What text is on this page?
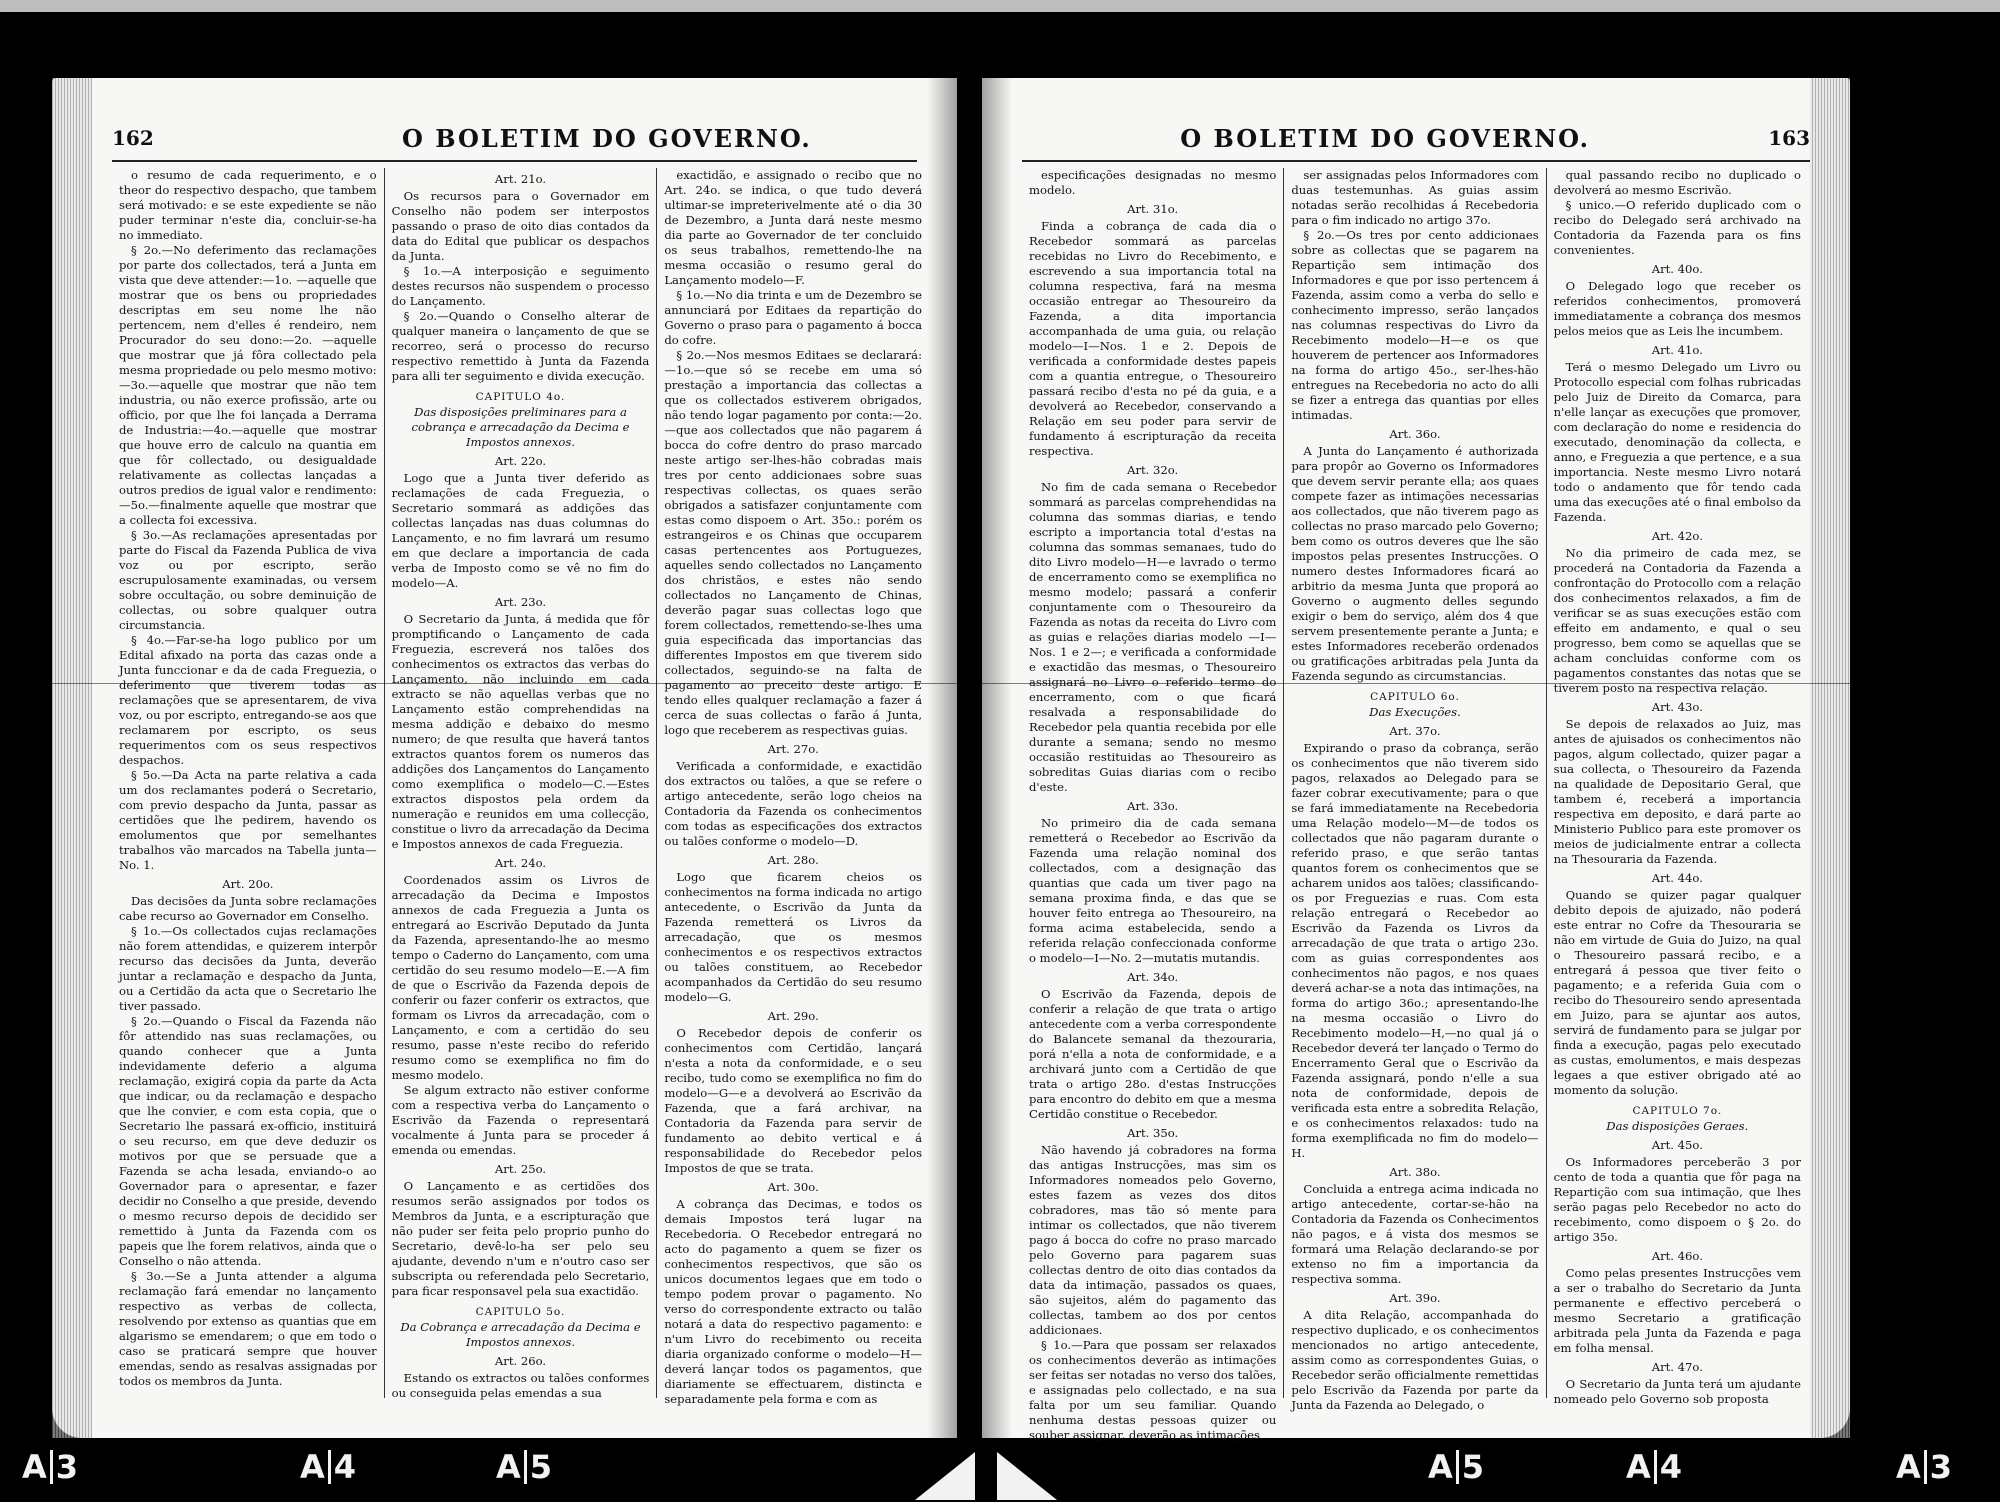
162	O BOLETIM DO GOVERNO.

o resumo de cada requerimento, e o theor do respectivo despacho, que tambem será motivado: e se este expediente se não puder terminar n'este dia, concluir-se-ha no immediato.

§ 2o.—No deferimento das reclamações por parte dos collectados, terá a Junta em vista que deve attender:—1o. —aquelle que mostrar que os bens ou propriedades descriptas em seu nome lhe não pertencem, nem d'elles é rendeiro, nem Procurador do seu dono:—2o. —aquelle que mostrar que já fôra collectado pela mesma propriedade ou pelo mesmo motivo:—3o.—aquelle que mostrar que não tem industria, ou não exerce profissão, arte ou officio, por que lhe foi lançada a Derrama de Industria:—4o.—aquelle que mostrar que houve erro de calculo na quantia em que fôr collectado, ou desigualdade relativamente as collectas lançadas a outros predios de igual valor e rendimento:—5o.—finalmente aquelle que mostrar que a collecta foi excessiva.

§ 3o.—As reclamações apresentadas por parte do Fiscal da Fazenda Publica de viva voz ou por escripto, serão escrupulosamente examinadas, ou versem sobre occultação, ou sobre deminuição de collectas, ou sobre qualquer outra circumstancia.

§ 4o.—Far-se-ha logo publico por um Edital afixado na porta das cazas onde a Junta funccionar e da de cada Freguezia, o deferimento que tiverem todas as reclamações que se apresentarem, de viva voz, ou por escripto, entregando-se aos que reclamarem por escripto, os seus requerimentos com os seus respectivos despachos.

§ 5o.—Da Acta na parte relativa a cada um dos reclamantes poderá o Secretario, com previo despacho da Junta, passar as certidões que lhe pedirem, havendo os emolumentos que por semelhantes trabalhos vão marcados na Tabella junta—No. 1.

Art. 20o.

Das decisões da Junta sobre reclamações cabe recurso ao Governador em Conselho.

§ 1o.—Os collectados cujas reclamações não forem attendidas, e quizerem interpôr recurso das decisões da Junta, deverão juntar a reclamação e despacho da Junta, ou a Certidão da acta que o Secretario lhe tiver passado.

§ 2o.—Quando o Fiscal da Fazenda não fôr attendido nas suas reclamações, ou quando conhecer que a Junta indevidamente deferio a alguma reclamação, exigirá copia da parte da Acta que indicar, ou da reclamação e despacho que lhe convier, e com esta copia, que o Secretario lhe passará ex-officio, instituirá o seu recurso, em que deve deduzir os motivos por que se persuade que a Fazenda se acha lesada, enviando-o ao Governador para o apresentar, e fazer decidir no Conselho a que preside, devendo o mesmo recurso depois de decidido ser remettido à Junta da Fazenda com os papeis que lhe forem relativos, ainda que o Conselho o não attenda.

§ 3o.—Se a Junta attender a alguma reclamação fará emendar no lançamento respectivo as verbas de collecta, resolvendo por extenso as quantias que em algarismo se emendarem; o que em todo o caso se praticará sempre que houver emendas, sendo as resalvas assignadas por todos os membros da Junta.

Art. 21o.

Os recursos para o Governador em Conselho não podem ser interpostos passando o praso de oito dias contados da data do Edital que publicar os despachos da Junta.

§ 1o.—A interposição e seguimento destes recursos não suspendem o processo do Lançamento.

§ 2o.—Quando o Conselho alterar de qualquer maneira o lançamento de que se recorreo, será o processo do recurso respectivo remettido à Junta da Fazenda para alli ter seguimento e divida execução.

CAPITULO 4o.

Das disposições preliminares para a cobrança e arrecadação da Decima e Impostos annexos.

Art. 22o.

Logo que a Junta tiver deferido as reclamações de cada Freguezia, o Secretario sommará as addições das collectas lançadas nas duas columnas do Lançamento, e no fim lavrará um resumo em que declare a importancia de cada verba de Imposto como se vê no fim do modelo—A.

Art. 23o.

O Secretario da Junta, á medida que fôr promptificando o Lançamento de cada Freguezia, escreverá nos talões dos conhecimentos os extractos das verbas do Lançamento, não incluindo em cada extracto se não aquellas verbas que no Lançamento estão comprehendidas na mesma addição e debaixo do mesmo numero; de que resulta que haverá tantos extractos quantos forem os numeros das addições dos Lançamentos do Lançamento como exemplifica o modelo—C.—Estes extractos dispostos pela ordem da numeração e reunidos em uma collecção, constitue o livro da arrecadação da Decima e Impostos annexos de cada Freguezia.

Art. 24o.

Coordenados assim os Livros de arrecadação da Decima e Impostos annexos de cada Freguezia a Junta os entregará ao Escrivão Deputado da Junta da Fazenda, apresentando-lhe ao mesmo tempo o Caderno do Lançamento, com uma certidão do seu resumo modelo—E.—A fim de que o Escrivão da Fazenda depois de conferir ou fazer conferir os extractos, que formam os Livros da arrecadação, com o Lançamento, e com a certidão do seu resumo, passe n'este recibo do referido resumo como se exemplifica no fim do mesmo modelo.

Se algum extracto não estiver conforme com a respectiva verba do Lançamento o Escrivão da Fazenda o representará vocalmente á Junta para se proceder á emenda ou emendas.

Art. 25o.

O Lançamento e as certidões dos resumos serão assignados por todos os Membros da Junta, e a escripturação que não puder ser feita pelo proprio punho do Secretario, devê-lo-ha ser pelo seu ajudante, devendo n'um e n'outro caso ser subscripta ou referendada pelo Secretario, para ficar responsavel pela sua exactidão.

CAPITULO 5o.

Da Cobrança e arrecadação da Decima e Impostos annexos.

Art. 26o.

Estando os extractos ou talões conformes ou conseguida pelas emendas a sua

exactidão, e assignado o recibo que no Art. 24o. se indica, o que tudo deverá ultimar-se impreterivelmente até o dia 30 de Dezembro, a Junta dará neste mesmo dia parte ao Governador de ter concluido os seus trabalhos, remettendo-lhe na mesma occasião o resumo geral do Lançamento modelo—F.

§ 1o.—No dia trinta e um de Dezembro se annunciará por Editaes da repartição do Governo o praso para o pagamento á bocca do cofre.

§ 2o.—Nos mesmos Editaes se declarará:—1o.—que só se recebe em uma só prestação a importancia das collectas a que os collectados estiverem obrigados, não tendo logar pagamento por conta:—2o.—que aos collectados que não pagarem á bocca do cofre dentro do praso marcado neste artigo ser-lhes-hão cobradas mais tres por cento addicionaes sobre suas respectivas collectas, os quaes serão obrigados a satisfazer conjuntamente com estas como dispoem o Art. 35o.: porém os estrangeiros e os Chinas que occuparem casas pertencentes aos Portuguezes, aquelles sendo collectados no Lançamento dos christãos, e estes não sendo collectados no Lançamento de Chinas, deverão pagar suas collectas logo que forem collectados, remettendo-se-lhes uma guia especificada das importancias das differentes Impostos em que tiverem sido collectados, seguindo-se na falta de pagamento ao preceito deste artigo. E tendo elles qualquer reclamação a fazer á cerca de suas collectas o farão á Junta, logo que receberem as respectivas guias.

Art. 27o.

Verificada a conformidade, e exactidão dos extractos ou talões, a que se refere o artigo antecedente, serão logo cheios na Contadoria da Fazenda os conhecimentos com todas as especificações dos extractos ou talões conforme o modelo—D.

Art. 28o.

Logo que ficarem cheios os conhecimentos na forma indicada no artigo antecedente, o Escrivão da Junta da Fazenda remetterá os Livros da arrecadação, que os mesmos conhecimentos e os respectivos extractos ou talões constituem, ao Recebedor acompanhados da Certidão do seu resumo modelo—G.

Art. 29o.

O Recebedor depois de conferir os conhecimentos com Certidão, lançará n'esta a nota da conformidade, e o seu recibo, tudo como se exemplifica no fim do modelo—G—e a devolverá ao Escrivão da Fazenda, que a fará archivar, na Contadoria da Fazenda para servir de fundamento ao debito vertical e á responsabilidade do Recebedor pelos Impostos de que se trata.

Art. 30o.

A cobrança das Decimas, e todos os demais Impostos terá lugar na Recebedoria. O Recebedor entregará no acto do pagamento a quem se fizer os conhecimentos respectivos, que são os unicos documentos legaes que em todo o tempo podem provar o pagamento. No verso do correspondente extracto ou talão notará a data do respectivo pagamento: e n'um Livro do recebimento ou receita diaria organizado conforme o modelo—H—deverá lançar todos os pagamentos, que diariamente se effectuarem, distincta e separadamente pela forma e com as

O BOLETIM DO GOVERNO.	163

especificações designadas no mesmo modelo.

Art. 31o.

Finda a cobrança de cada dia o Recebedor sommará as parcelas recebidas no Livro do Recebimento, e escrevendo a sua importancia total na columna respectiva, fará na mesma occasião entregar ao Thesoureiro da Fazenda, a dita importancia accompanhada de uma guia, ou relação modelo—I—Nos. 1 e 2. Depois de verificada a conformidade destes papeis com a quantia entregue, o Thesoureiro passará recibo d'esta no pé da guia, e a devolverá ao Recebedor, conservando a Relação em seu poder para servir de fundamento á escripturação da receita respectiva.

Art. 32o.

No fim de cada semana o Recebedor sommará as parcelas comprehendidas na columna das sommas diarias, e tendo escripto a importancia total d'estas na columna das sommas semanaes, tudo do dito Livro modelo—H—e lavrado o termo de encerramento como se exemplifica no mesmo modelo; passará a conferir conjuntamente com o Thesoureiro da Fazenda as notas da receita do Livro com as guias e relações diarias modelo —I—Nos. 1 e 2—; e verificada a conformidade e exactidão das mesmas, o Thesoureiro assignará no Livro o referido termo do encerramento, com o que ficará resalvada a responsabilidade do Recebedor pela quantia recebida por elle durante a semana; sendo no mesmo occasião restituidas ao Thesoureiro as sobreditas Guias diarias com o recibo d'este.

Art. 33o.

No primeiro dia de cada semana remetterá o Recebedor ao Escrivão da Fazenda uma relação nominal dos collectados, com a designação das quantias que cada um tiver pago na semana proxima finda, e das que se houver feito entrega ao Thesoureiro, na forma acima estabelecida, sendo a referida relação confeccionada conforme o modelo—I—No. 2—mutatis mutandis.

Art. 34o.

O Escrivão da Fazenda, depois de conferir a relação de que trata o artigo antecedente com a verba correspondente do Balancete semanal da thezouraria, porá n'ella a nota de conformidade, e a archivará junto com a Certidão de que trata o artigo 28o. d'estas Instrucções para encontro do debito em que a mesma Certidão constitue o Recebedor.

Art. 35o.

Não havendo já cobradores na forma das antigas Instrucções, mas sim os Informadores nomeados pelo Governo, estes fazem as vezes dos ditos cobradores, mas tão só mente para intimar os collectados, que não tiverem pago á bocca do cofre no praso marcado pelo Governo para pagarem suas collectas dentro de oito dias contados da data da intimação, passados os quaes, são sujeitos, além do pagamento das collectas, tambem ao dos por centos addicionaes.

§ 1o.—Para que possam ser relaxados os conhecimentos deverão as intimações ser feitas ser notadas no verso dos talões, e assignadas pelo collectado, e na sua falta por um seu familiar. Quando nenhuma destas pessoas quizer ou souber assignar, deverão as intimações

ser assignadas pelos Informadores com duas testemunhas. As guias assim notadas serão recolhidas á Recebedoria para o fim indicado no artigo 37o.

§ 2o.—Os tres por cento addicionaes sobre as collectas que se pagarem na Repartição sem intimação dos Informadores e que por isso pertencem á Fazenda, assim como a verba do sello e conhecimento impresso, serão lançados nas columnas respectivas do Livro da Recebimento modelo—H—e os que houverem de pertencer aos Informadores na forma do artigo 45o., ser-lhes-hão entregues na Recebedoria no acto do alli se fizer a entrega das quantias por elles intimadas.

Art. 36o.

A Junta do Lançamento é authorizada para propôr ao Governo os Informadores que devem servir perante ella; aos quaes compete fazer as intimações necessarias aos collectados, que não tiverem pago as collectas no praso marcado pelo Governo; bem como os outros deveres que lhe são impostos pelas presentes Instrucções. O numero destes Informadores ficará ao arbitrio da mesma Junta que proporá ao Governo o augmento delles segundo exigir o bem do serviço, além dos 4 que servem presentemente perante a Junta; e estes Informadores receberão ordenados ou gratificações arbitradas pela Junta da Fazenda segundo as circumstancias.

CAPITULO 6o.

Das Execuções.

Art. 37o.

Expirando o praso da cobrança, serão os conhecimentos que não tiverem sido pagos, relaxados ao Delegado para se fazer cobrar executivamente; para o que se fará immediatamente na Recebedoria uma Relação modelo—M—de todos os collectados que não pagaram durante o referido praso, e que serão tantas quantos forem os conhecimentos que se acharem unidos aos talões; classificando-os por Freguezias e ruas. Com esta relação entregará o Recebedor ao Escrivão da Fazenda os Livros da arrecadação de que trata o artigo 23o. com as guias correspondentes aos conhecimentos não pagos, e nos quaes deverá achar-se a nota das intimações, na forma do artigo 36o.; apresentando-lhe na mesma occasião o Livro do Recebimento modelo—H,—no qual já o Recebedor deverá ter lançado o Termo do Encerramento Geral que o Escrivão da Fazenda assignará, pondo n'elle a sua nota de conformidade, depois de verificada esta entre a sobredita Relação, e os conhecimentos relaxados: tudo na forma exemplificada no fim do modelo—H.

Art. 38o.

Concluida a entrega acima indicada no artigo antecedente, cortar-se-hão na Contadoria da Fazenda os Conhecimentos não pagos, e á vista dos mesmos se formará uma Relação declarando-se por extenso no fim a importancia da respectiva somma.

Art. 39o.

A dita Relação, accompanhada do respectivo duplicado, e os conhecimentos mencionados no artigo antecedente, assim como as correspondentes Guias, o Recebedor serão officialmente remettidas pelo Escrivão da Fazenda por parte da Junta da Fazenda ao Delegado, o

qual passando recibo no duplicado o devolverá ao mesmo Escrivão.

§ unico.—O referido duplicado com o recibo do Delegado será archivado na Contadoria da Fazenda para os fins convenientes.

Art. 40o.

O Delegado logo que receber os referidos conhecimentos, promoverá immediatamente a cobrança dos mesmos pelos meios que as Leis lhe incumbem.

Art. 41o.

Terá o mesmo Delegado um Livro ou Protocollo especial com folhas rubricadas pelo Juiz de Direito da Comarca, para n'elle lançar as execuções que promover, com declaração do nome e residencia do executado, denominação da collecta, e anno, e Freguezia a que pertence, e a sua importancia. Neste mesmo Livro notará todo o andamento que fôr tendo cada uma das execuções até o final embolso da Fazenda.

Art. 42o.

No dia primeiro de cada mez, se procederá na Contadoria da Fazenda a confrontação do Protocollo com a relação dos conhecimentos relaxados, a fim de verificar se as suas execuções estão com effeito em andamento, e qual o seu progresso, bem como se aquellas que se acham concluidas conforme com os pagamentos constantes das notas que se tiverem posto na respectiva relação.

Art. 43o.

Se depois de relaxados ao Juiz, mas antes de ajuisados os conhecimentos não pagos, algum collectado, quizer pagar a sua collecta, o Thesoureiro da Fazenda na qualidade de Depositario Geral, que tambem é, receberá a importancia respectiva em deposito, e dará parte ao Ministerio Publico para este promover os meios de judicialmente entrar a collecta na Thesouraria da Fazenda.

Art. 44o.

Quando se quizer pagar qualquer debito depois de ajuizado, não poderá este entrar no Cofre da Thesouraria se não em virtude de Guia do Juizo, na qual o Thesoureiro passará recibo, e a entregará á pessoa que tiver feito o pagamento; e a referida Guia com o recibo do Thesoureiro sendo apresentada em Juizo, para se ajuntar aos autos, servirá de fundamento para se julgar por finda a execução, pagas pelo executado as custas, emolumentos, e mais despezas legaes a que estiver obrigado até ao momento da solução.

CAPITULO 7o.

Das disposições Geraes.

Art. 45o.

Os Informadores perceberão 3 por cento de toda a quantia que fôr paga na Repartição com sua intimação, que lhes serão pagas pelo Recebedor no acto do recebimento, como dispoem o § 2o. do artigo 35o.

Art. 46o.

Como pelas presentes Instrucções vem a ser o trabalho do Secretario da Junta permanente e effectivo perceberá o mesmo Secretario a gratificação arbitrada pela Junta da Fazenda e paga em folha mensal.

Art. 47o.

O Secretario da Junta terá um ajudante nomeado pelo Governo sob proposta

A 3	A 4	A 5	A 5	A 4	A 3
